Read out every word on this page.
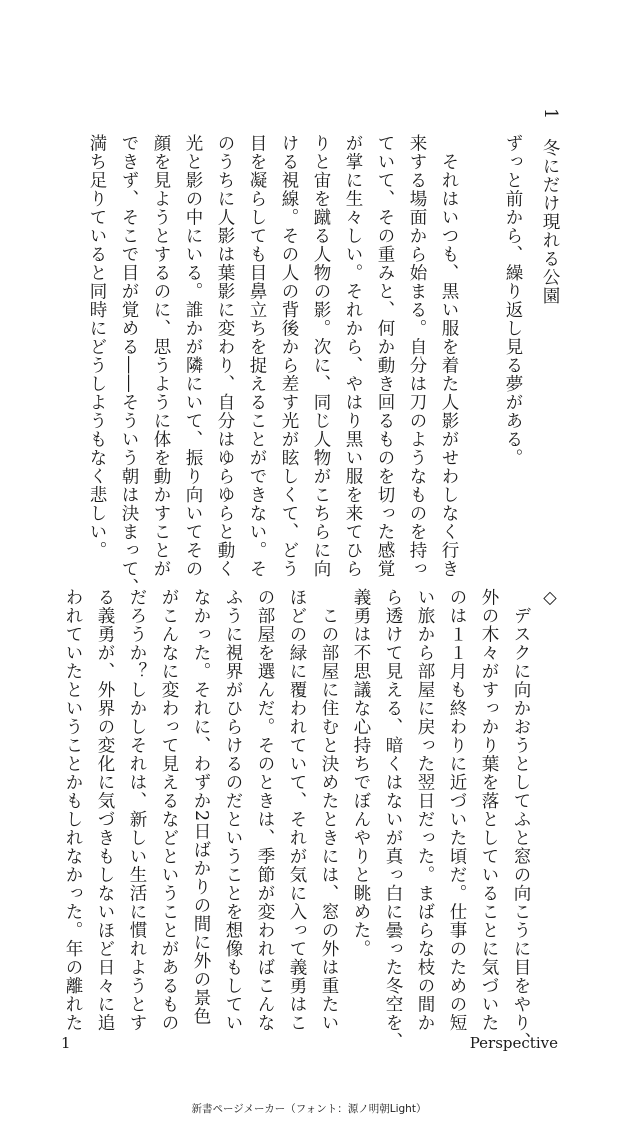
1　冬にだけ現れる公園
ずっと前から、繰り返し見る夢がある。

　それはいつも、黒い服を着た人影がせわしなく行き
来する場面から始まる。自分は刀のようなものを持っ
ていて、その重みと、何か動き回るものを切った感覚
が掌に生々しい。それから、やはり黒い服を来てひら
りと宙を蹴る人物の影。次に、同じ人物がこちらに向
ける視線。その人の背後から差す光が眩しくて、どう
目を凝らしても目鼻立ちを捉えることができない。そ
のうちに人影は葉影に変わり、自分はゆらゆらと動く
光と影の中にいる。誰かが隣にいて、振り向いてその
顔を見ようとするのに、思うように体を動かすことが
できず、そこで目が覚める――そういう朝は決まって、
満ち足りていると同時にどうしようもなく悲しい。
◇
　デスクに向かおうとしてふと窓の向こうに目をやり、
外の木々がすっかり葉を落としていることに気づいた
のは１１月も終わりに近づいた頃だ。仕事のための短
い旅から部屋に戻った翌日だった。まばらな枝の間か
ら透けて見える、暗くはないが真っ白に曇った冬空を、
義勇は不思議な心持ちでぼんやりと眺めた。
　この部屋に住むと決めたときには、窓の外は重たい
ほどの緑に覆われていて、それが気に入って義勇はこ
の部屋を選んだ。そのときは、季節が変わればこんな
ふうに視界がひらけるのだということを想像もしてい
なかった。それに、わずか2日ばかりの間に外の景色
がこんなに変わって見えるなどということがあるもの
だろうか？しかしそれは、新しい生活に慣れようとす
る義勇が、外界の変化に気づきもしないほど日々に追
われていたということかもしれなかった。年の離れた
1	Perspective
新書ページメーカー（フォント：源ノ明朝Light）
